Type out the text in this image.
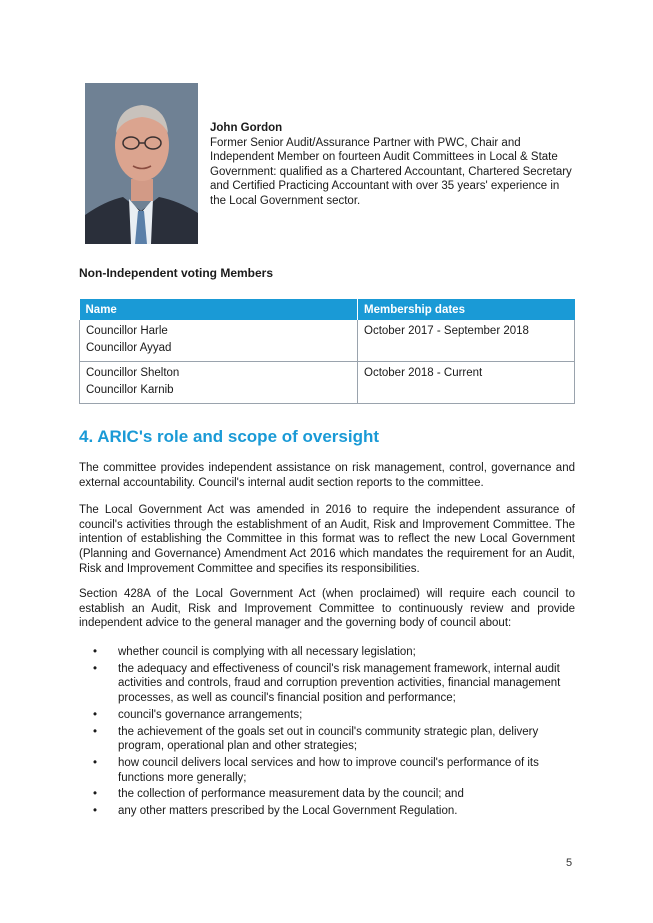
John Gordon

Former Senior Audit/Assurance Partner with PWC, Chair and Independent Member on fourteen Audit Committees in Local & State Government: qualified as a Chartered Accountant, Chartered Secretary and Certified Practicing Accountant with over 35 years' experience in the Local Government sector.

Non-Independent voting Members
Name	Membership dates

Councillor Harle
Councillor Ayyad	October 2017 - September 2018

Councillor Shelton
Councillor Karnib	October 2018 - Current
4. ARIC's role and scope of oversight

The committee provides independent assistance on risk management, control, governance and external accountability. Council's internal audit section reports to the committee.

The Local Government Act was amended in 2016 to require the independent assurance of council's activities through the establishment of an Audit, Risk and Improvement Committee. The intention of establishing the Committee in this format was to reflect the new Local Government (Planning and Governance) Amendment Act 2016 which mandates the requirement for an Audit, Risk and Improvement Committee and specifies its responsibilities.

Section 428A of the Local Government Act (when proclaimed) will require each council to establish an Audit, Risk and Improvement Committee to continuously review and provide independent advice to the general manager and the governing body of council about:

• whether council is complying with all necessary legislation;
• the adequacy and effectiveness of council's risk management framework, internal audit activities and controls, fraud and corruption prevention activities, financial management processes, as well as council's financial position and performance;
• council's governance arrangements;
• the achievement of the goals set out in council's community strategic plan, delivery program, operational plan and other strategies;
• how council delivers local services and how to improve council's performance of its functions more generally;
• the collection of performance measurement data by the council; and
• any other matters prescribed by the Local Government Regulation.
5
